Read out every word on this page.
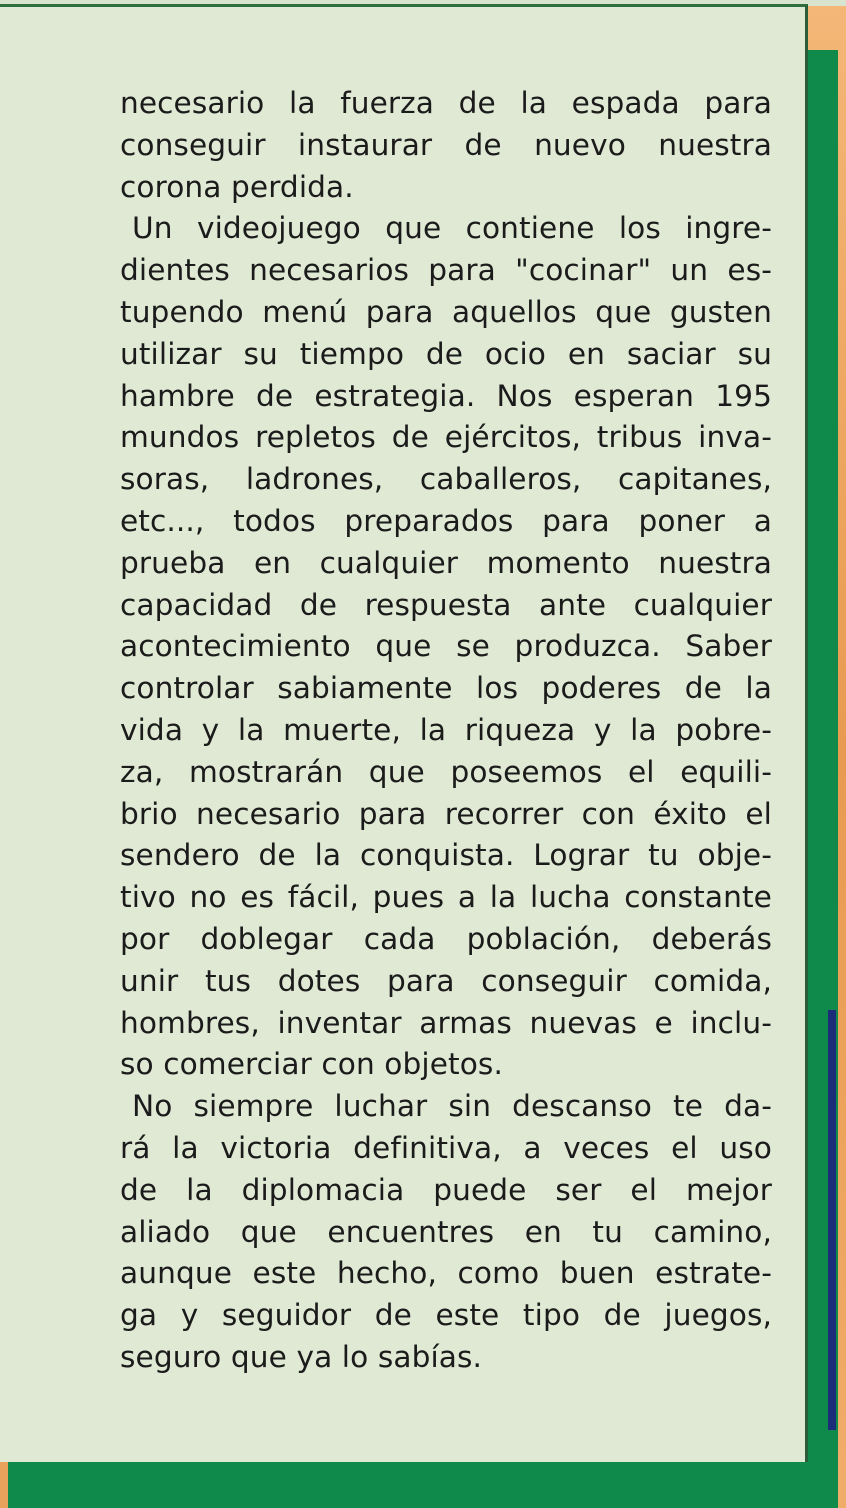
necesario la fuerza de la espada para
conseguir instaurar de nuevo nuestra
corona perdida.
Un videojuego que contiene los ingre-
dientes necesarios para "cocinar" un es-
tupendo menú para aquellos que gusten
utilizar su tiempo de ocio en saciar su
hambre de estrategia. Nos esperan 195
mundos repletos de ejércitos, tribus inva-
soras, ladrones, caballeros, capitanes,
etc..., todos preparados para poner a
prueba en cualquier momento nuestra
capacidad de respuesta ante cualquier
acontecimiento que se produzca. Saber
controlar sabiamente los poderes de la
vida y la muerte, la riqueza y la pobre-
za, mostrarán que poseemos el equili-
brio necesario para recorrer con éxito el
sendero de la conquista. Lograr tu obje-
tivo no es fácil, pues a la lucha constante
por doblegar cada población, deberás
unir tus dotes para conseguir comida,
hombres, inventar armas nuevas e inclu-
so comerciar con objetos.
No siempre luchar sin descanso te da-
rá la victoria definitiva, a veces el uso
de la diplomacia puede ser el mejor
aliado que encuentres en tu camino,
aunque este hecho, como buen estrate-
ga y seguidor de este tipo de juegos,
seguro que ya lo sabías.
